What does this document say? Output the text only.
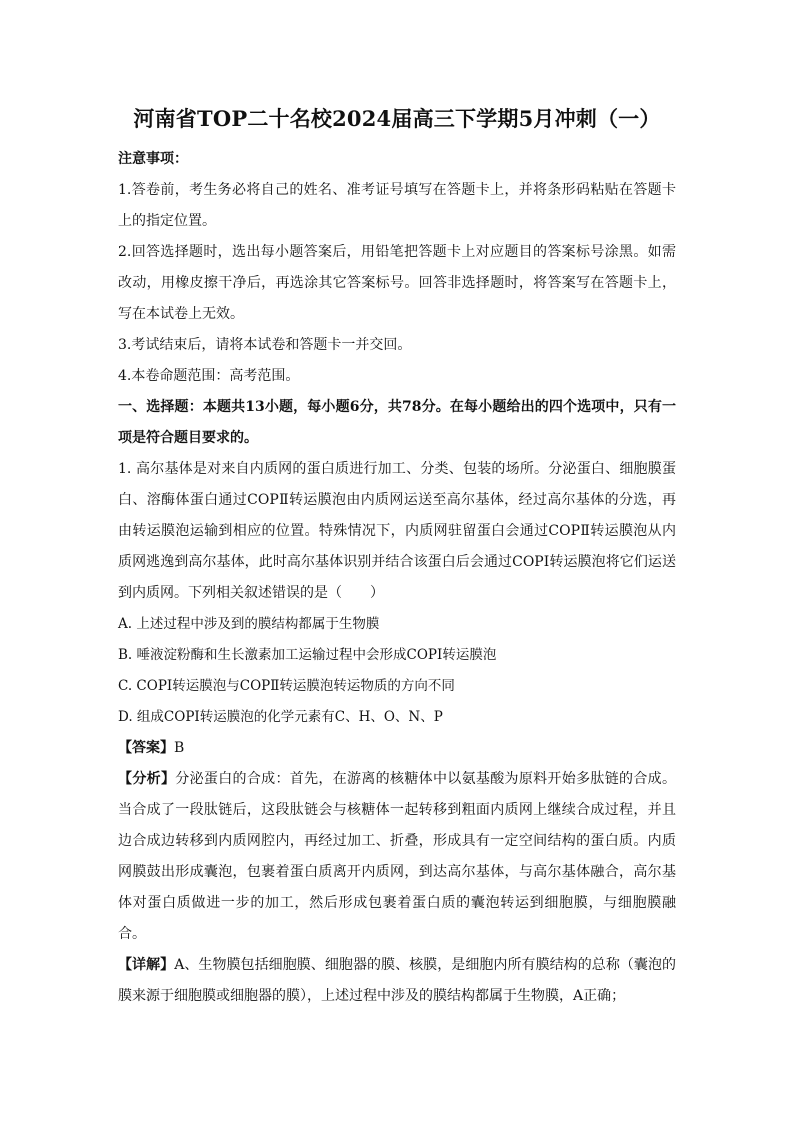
河南省TOP二十名校2024届高三下学期5月冲刺（一）

注意事项：

1.答卷前，考生务必将自己的姓名、准考证号填写在答题卡上，并将条形码粘贴在答题卡上的指定位置。

2.回答选择题时，选出每小题答案后，用铅笔把答题卡上对应题目的答案标号涂黑。如需改动，用橡皮擦干净后，再选涂其它答案标号。回答非选择题时，将答案写在答题卡上，写在本试卷上无效。

3.考试结束后，请将本试卷和答题卡一并交回。

4.本卷命题范围：高考范围。

一、选择题：本题共13小题，每小题6分，共78分。在每小题给出的四个选项中，只有一项是符合题目要求的。

1. 高尔基体是对来自内质网的蛋白质进行加工、分类、包装的场所。分泌蛋白、细胞膜蛋白、溶酶体蛋白通过COPⅡ转运膜泡由内质网运送至高尔基体，经过高尔基体的分选，再由转运膜泡运输到相应的位置。特殊情况下，内质网驻留蛋白会通过COPⅡ转运膜泡从内质网逃逸到高尔基体，此时高尔基体识别并结合该蛋白后会通过COPⅠ转运膜泡将它们运送到内质网。下列相关叙述错误的是（　　）

A. 上述过程中涉及到的膜结构都属于生物膜

B. 唾液淀粉酶和生长激素加工运输过程中会形成COPⅠ转运膜泡

C. COPⅠ转运膜泡与COPⅡ转运膜泡转运物质的方向不同

D. 组成COPⅠ转运膜泡的化学元素有C、H、O、N、P

【答案】B

【分析】分泌蛋白的合成：首先，在游离的核糖体中以氨基酸为原料开始多肽链的合成。当合成了一段肽链后，这段肽链会与核糖体一起转移到粗面内质网上继续合成过程，并且边合成边转移到内质网腔内，再经过加工、折叠，形成具有一定空间结构的蛋白质。内质网膜鼓出形成囊泡，包裹着蛋白质离开内质网，到达高尔基体，与高尔基体融合，高尔基体对蛋白质做进一步的加工，然后形成包裹着蛋白质的囊泡转运到细胞膜，与细胞膜融合。

【详解】A、生物膜包括细胞膜、细胞器的膜、核膜，是细胞内所有膜结构的总称（囊泡的膜来源于细胞膜或细胞器的膜），上述过程中涉及的膜结构都属于生物膜，A正确；
